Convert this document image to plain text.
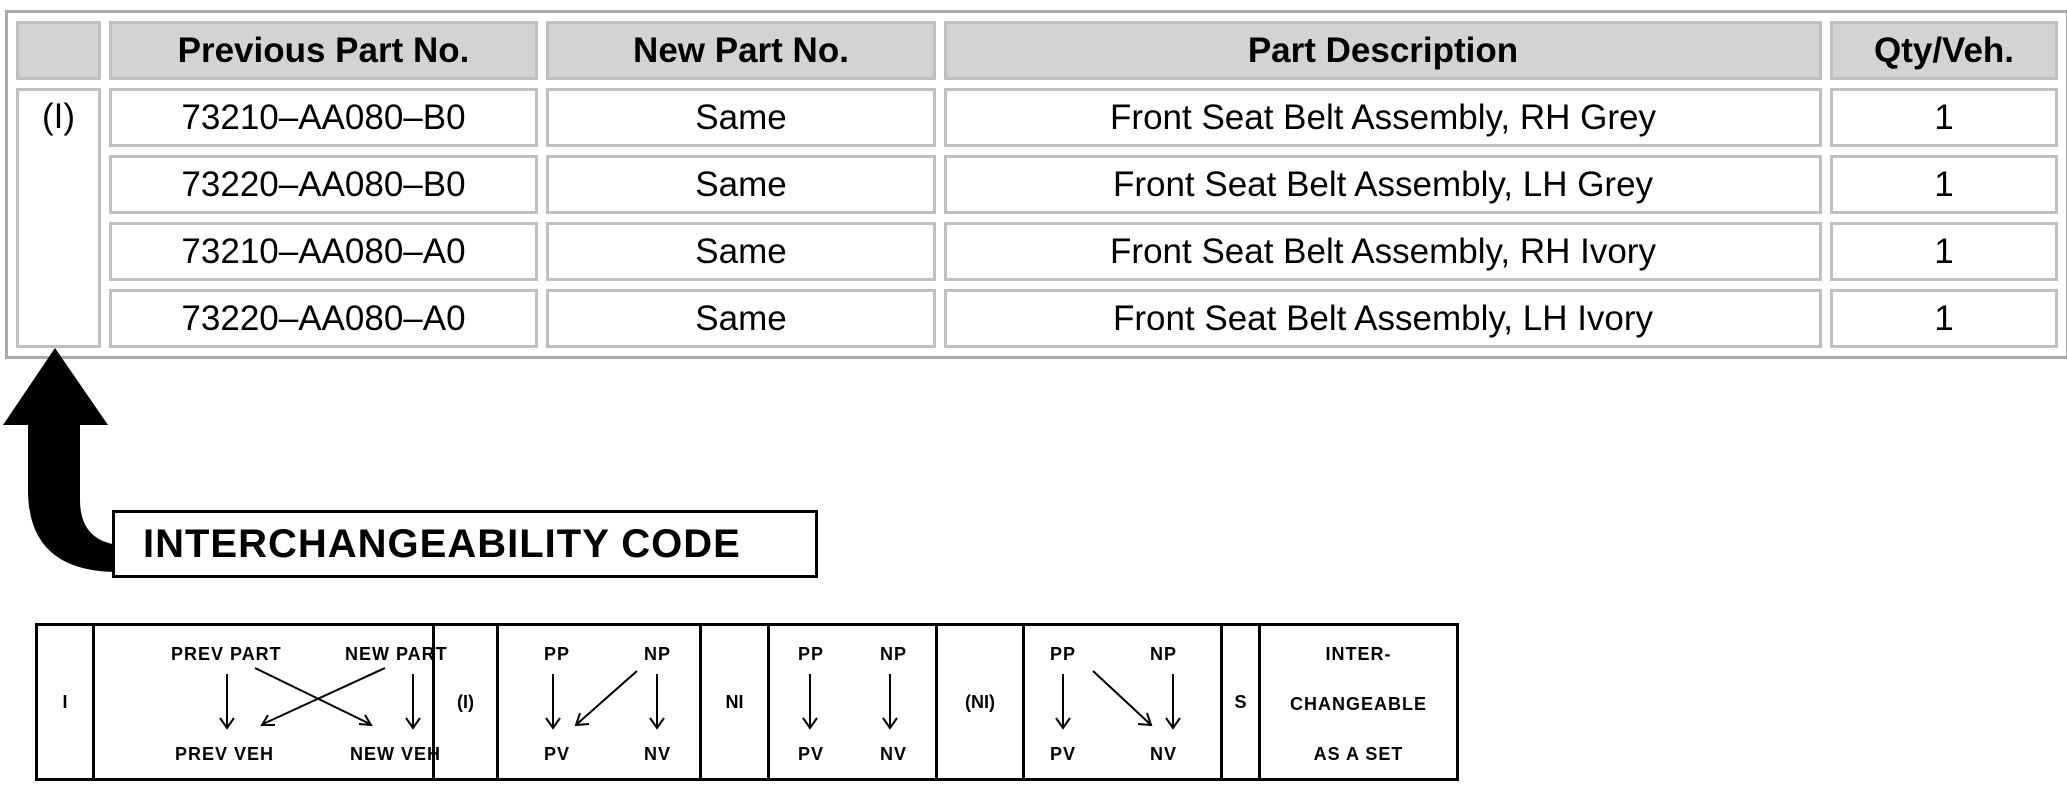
	Previous Part No.	New Part No.	Part Description	Qty/Veh.
(I)	73210–AA080–B0	Same	Front Seat Belt Assembly, RH Grey	1
	73220–AA080–B0	Same	Front Seat Belt Assembly, LH Grey	1
	73210–AA080–A0	Same	Front Seat Belt Assembly, RH Ivory	1
	73220–AA080–A0	Same	Front Seat Belt Assembly, LH Ivory	1
INTERCHANGEABILITY CODE
I
PREV PART	NEW PART
PREV VEH	NEW VEH
(I)
PP	NP
PV	NV
NI
PP	NP
PV	NV
(NI)
PP	NP
PV	NV
S
INTER-
CHANGEABLE
AS A SET
